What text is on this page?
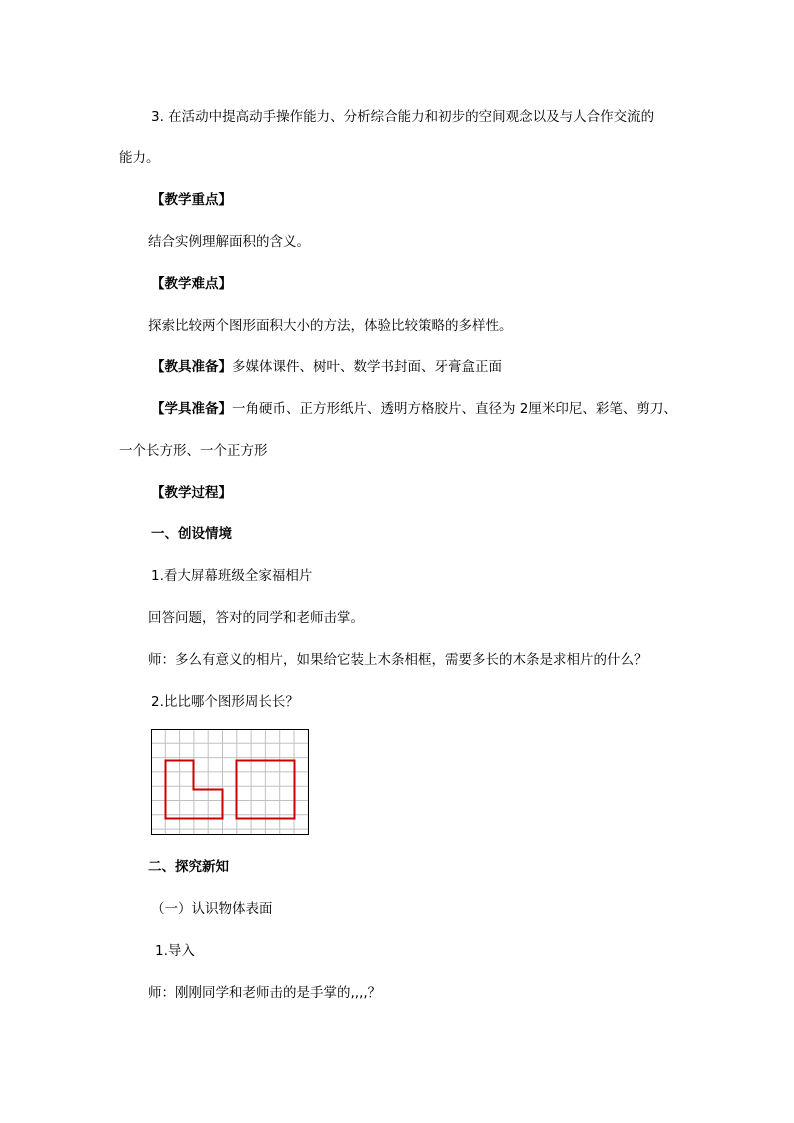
3. 在活动中提高动手操作能力、分析综合能力和初步的空间观念以及与人合作交流的
能力。
【教学重点】
结合实例理解面积的含义。
【教学难点】
探索比较两个图形面积大小的方法，体验比较策略的多样性。
【教具准备】多媒体课件、树叶、数学书封面、牙膏盒正面
【学具准备】一角硬币、正方形纸片、透明方格胶片、直径为 2厘米印尼、彩笔、剪刀、
一个长方形、一个正方形
【教学过程】
一、创设情境
1.看大屏幕班级全家福相片
回答问题，答对的同学和老师击掌。
师：多么有意义的相片，如果给它装上木条相框，需要多长的木条是求相片的什么？
2.比比哪个图形周长长？
二、探究新知
（一）认识物体表面
1.导入
师：刚刚同学和老师击的是手掌的,,,,？
